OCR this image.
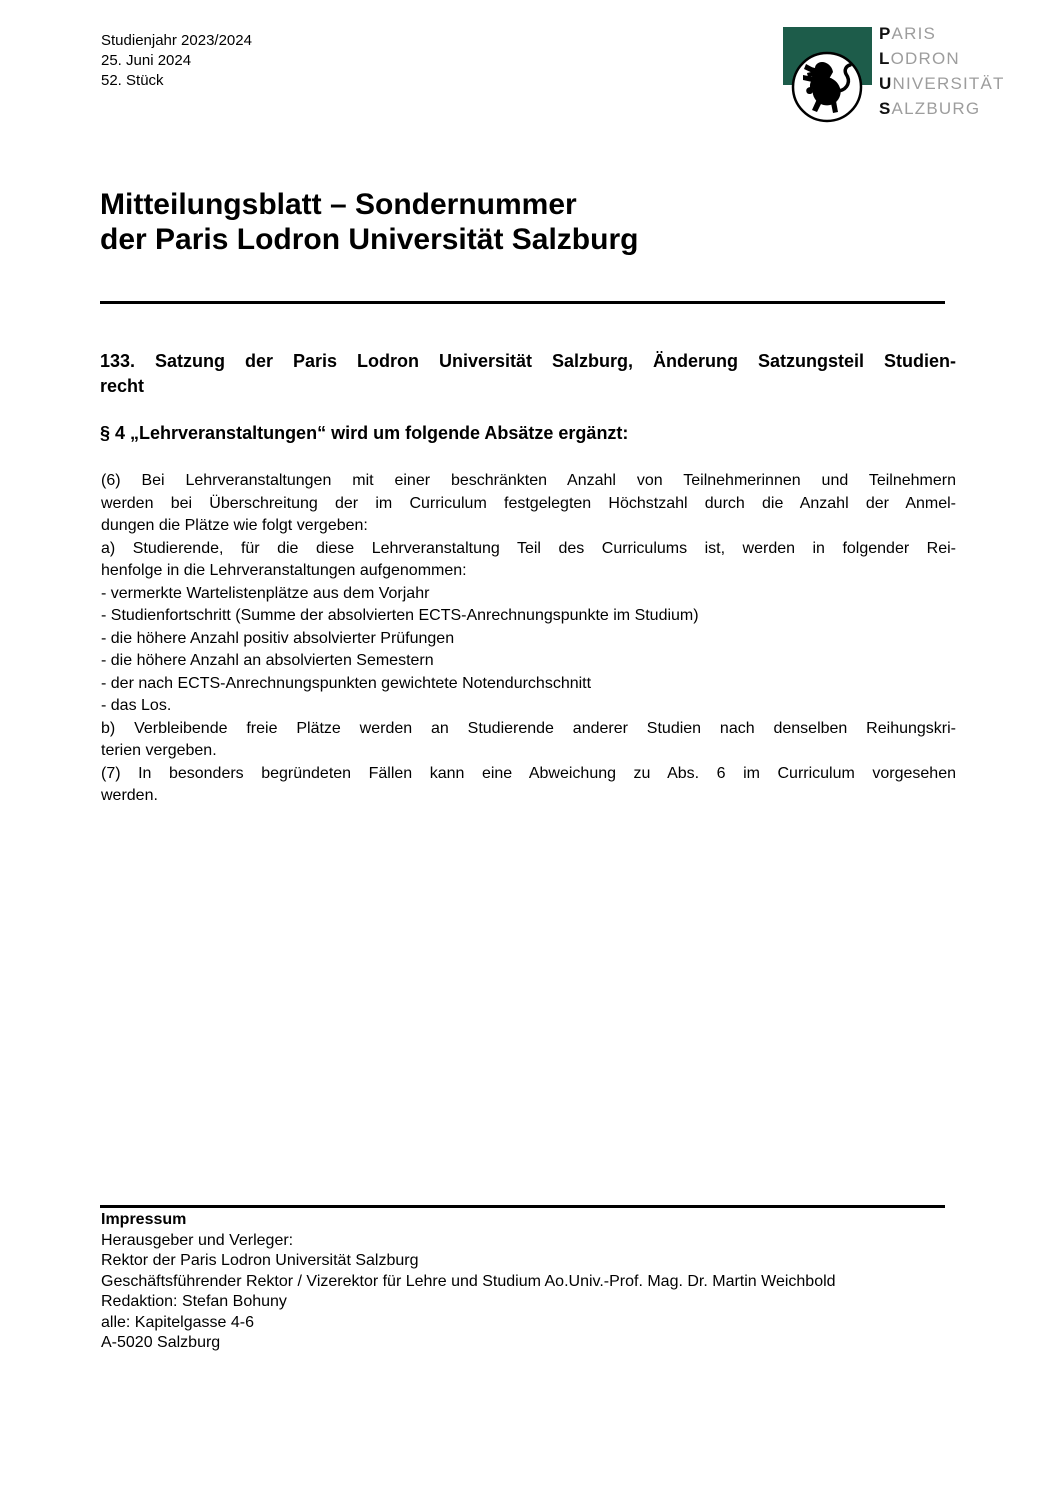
Studienjahr 2023/2024
25. Juni 2024
52. Stück
PARIS
LODRON
UNIVERSITÄT
SALZBURG
Mitteilungsblatt – Sondernummer
der Paris Lodron Universität Salzburg
133. Satzung der Paris Lodron Universität Salzburg, Änderung Satzungsteil Studien-
recht
§ 4 „Lehrveranstaltungen“ wird um folgende Absätze ergänzt:
(6) Bei Lehrveranstaltungen mit einer beschränkten Anzahl von Teilnehmerinnen und Teilnehmern
werden bei Überschreitung der im Curriculum festgelegten Höchstzahl durch die Anzahl der Anmel-
dungen die Plätze wie folgt vergeben:
a) Studierende, für die diese Lehrveranstaltung Teil des Curriculums ist, werden in folgender Rei-
henfolge in die Lehrveranstaltungen aufgenommen:
- vermerkte Wartelistenplätze aus dem Vorjahr
- Studienfortschritt (Summe der absolvierten ECTS-Anrechnungspunkte im Studium)
- die höhere Anzahl positiv absolvierter Prüfungen
- die höhere Anzahl an absolvierten Semestern
- der nach ECTS-Anrechnungspunkten gewichtete Notendurchschnitt
- das Los.
b) Verbleibende freie Plätze werden an Studierende anderer Studien nach denselben Reihungskri-
terien vergeben.
(7) In besonders begründeten Fällen kann eine Abweichung zu Abs. 6 im Curriculum vorgesehen
werden.
Impressum
Herausgeber und Verleger:
Rektor der Paris Lodron Universität Salzburg
Geschäftsführender Rektor / Vizerektor für Lehre und Studium Ao.Univ.-Prof. Mag. Dr. Martin Weichbold
Redaktion: Stefan Bohuny
alle: Kapitelgasse 4-6
A-5020 Salzburg
